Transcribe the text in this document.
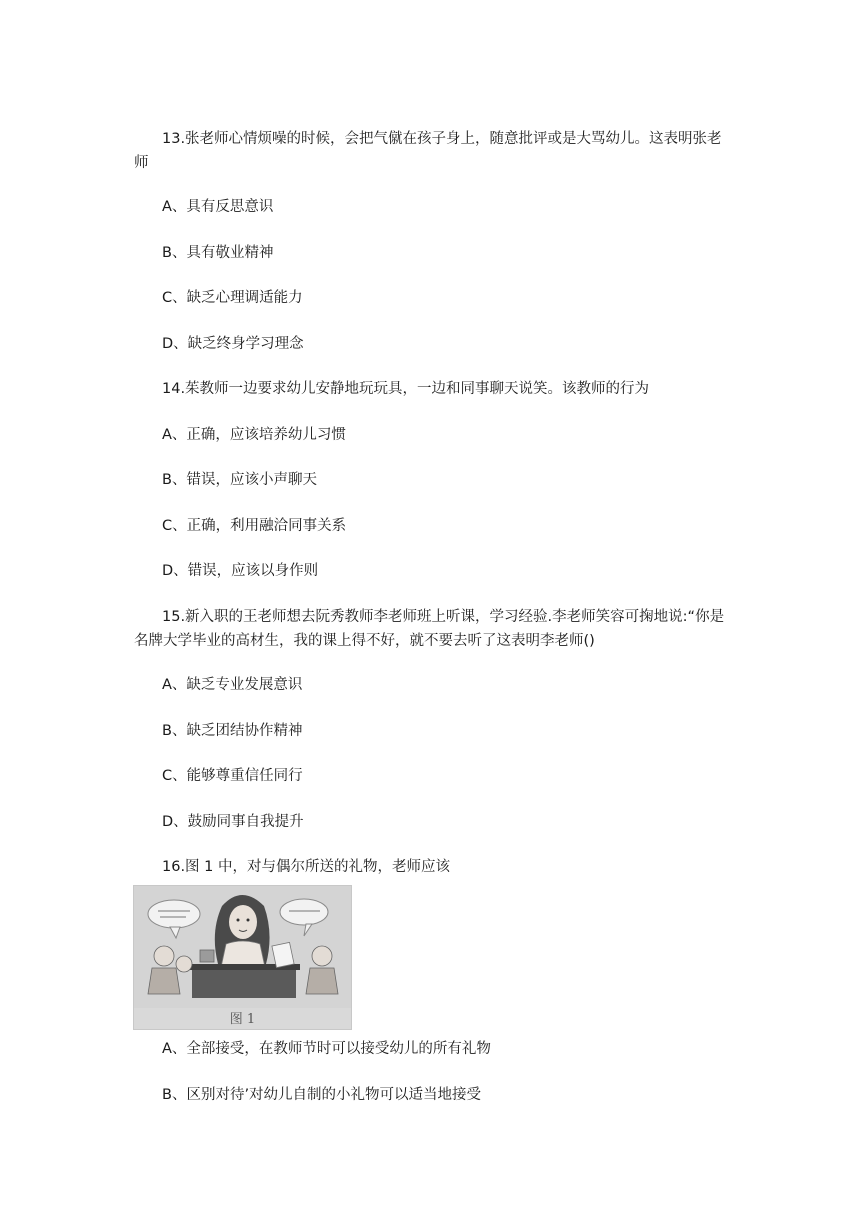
13.张老师心情烦噪的时候，会把气僦在孩子身上，随意批评或是大骂幼儿。这表明张老师

A、具有反思意识

B、具有敬业精神

C、缺乏心理调适能力

D、缺乏终身学习理念

14.茱教师一边要求幼儿安静地玩玩具，一边和同事聊天说笑。该教师的行为

A、正确，应该培养幼儿习惯

B、错误，应该小声聊天

C、正确，利用融洽同事关系

D、错误，应该以身作则

15.新入职的王老师想去阮秀教师李老师班上听课，学习经验.李老师笑容可掬地说:“你是名牌大学毕业的高材生，我的课上得不好，就不要去听了这表明李老师()

A、缺乏专业发展意识

B、缺乏团结协作精神

C、能够尊重信任同行

D、鼓励同事自我提升

16.图 1 中，对与偶尔所送的礼物，老师应该

图 1

A、全部接受，在教师节时可以接受幼儿的所有礼物

B、区别对待’对幼儿自制的小礼物可以适当地接受
